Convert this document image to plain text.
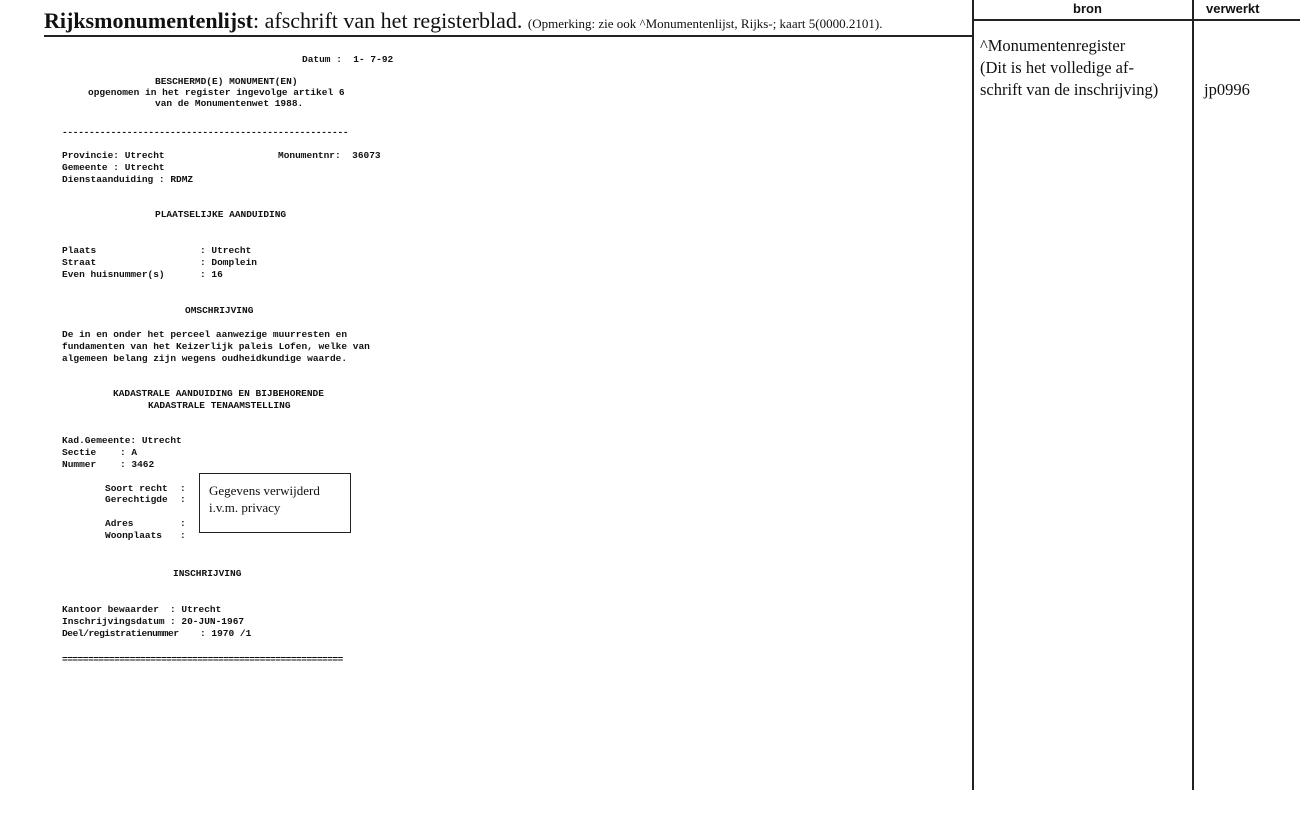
Rijksmonumentenlijst: afschrift van het registerblad. (Opmerking: zie ook ^Monumentenlijst, Rijks-; kaart 5(0000.2101).
bron	verwerkt
^Monumentenregister
(Dit is het volledige af-
schrift van de inschrijving)	jp0996
Datum :  1- 7-92
BESCHERMD(E) MONUMENT(EN)
opgenomen in het register ingevolge artikel 6
van de Monumentenwet 1988.
-----------------------------------------------------
Provincie: Utrecht	Monumentnr:  36073
Gemeente : Utrecht
Dienstaanduiding : RDMZ
PLAATSELIJKE AANDUIDING
Plaats	: Utrecht
Straat	: Domplein
Even huisnummer(s)	: 16
OMSCHRIJVING
De in en onder het perceel aanwezige muurresten en
fundamenten van het Keizerlijk paleis Lofen, welke van
algemeen belang zijn wegens oudheidkundige waarde.
KADASTRALE AANDUIDING EN BIJBEHORENDE
KADASTRALE TENAAMSTELLING
Kad.Gemeente: Utrecht
Sectie	: A
Nummer	: 3462
Soort recht :
Gerechtigde :
Adres	:
Woonplaats :
Gegevens verwijderd
i.v.m. privacy
INSCHRIJVING
Kantoor bewaarder : Utrecht
Inschrijvingsdatum : 20-JUN-1967
Deel/registratienummer : 1970 /1
======================================================
